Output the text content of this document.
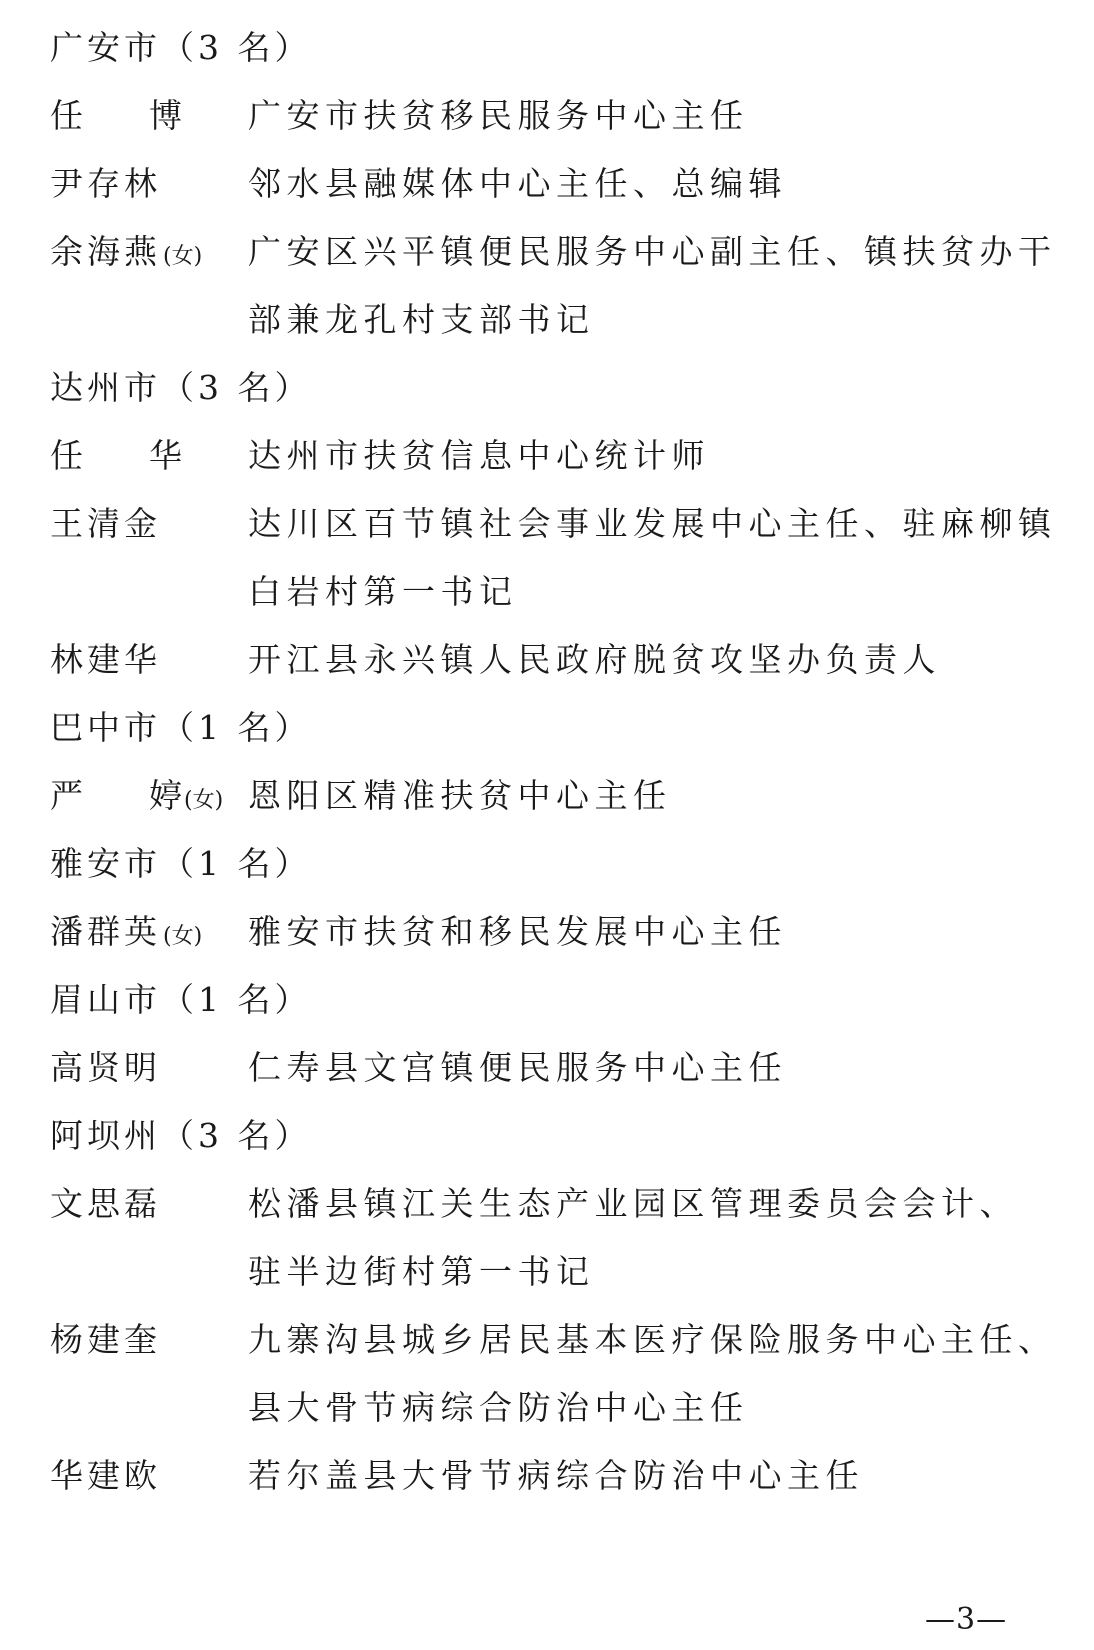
广安市（3 名）
任 博 广安市扶贫移民服务中心主任
尹存林	邻水县融媒体中心主任、总编辑
余海燕(女) 广安区兴平镇便民服务中心副主任、镇扶贫办干
部兼龙孔村支部书记
达州市（3 名）
任 华 达州市扶贫信息中心统计师
王清金	达川区百节镇社会事业发展中心主任、驻麻柳镇
白岩村第一书记
林建华	开江县永兴镇人民政府脱贫攻坚办负责人
巴中市（1 名）
严 婷(女) 恩阳区精准扶贫中心主任
雅安市（1 名）
潘群英(女) 雅安市扶贫和移民发展中心主任
眉山市（1 名）
高贤明	仁寿县文宫镇便民服务中心主任
阿坝州（3 名）
文思磊	松潘县镇江关生态产业园区管理委员会会计、
驻半边街村第一书记
杨建奎	九寨沟县城乡居民基本医疗保险服务中心主任、
县大骨节病综合防治中心主任
华建欧	若尔盖县大骨节病综合防治中心主任
—3—
